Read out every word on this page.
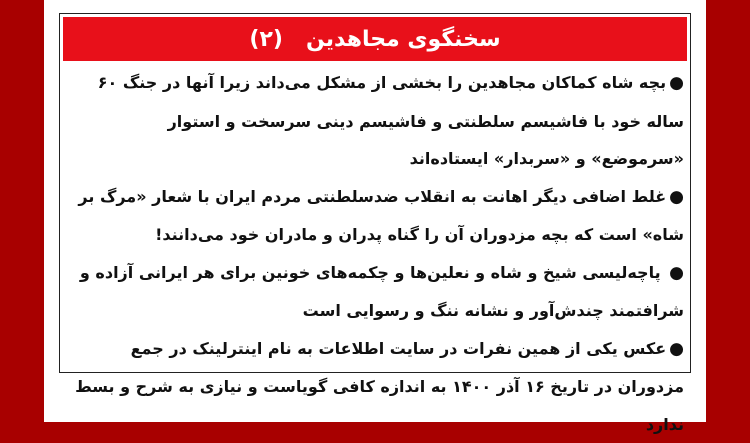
سخنگوی مجاهدین   (۲)

●بچه شاه کماکان مجاهدین را بخشی از مشکل می‌داند زیرا آنها در جنگ ۶۰ ساله خود با فاشیسم سلطنتی و فاشیسم دینی سرسخت و استوار «سرموضع» و «سربدار» ایستاده‌اند

●غلط اضافی دیگر اهانت به انقلاب ضدسلطنتی مردم ایران با شعار «مرگ بر شاه» است که بچه مزدوران آن را گناه پدران و مادران خود می‌دانند!

● پاچه‌لیسی شیخ و شاه و نعلین‌ها و چکمه‌های خونین برای هر ایرانی آزاده و شرافتمند چندش‌آور و نشانه ننگ و رسوایی است

●عکس یکی از همین نفرات در سایت اطلاعات به نام اینترلینک در جمع مزدوران در تاریخ ۱۶ آذر ۱۴۰۰ به اندازه کافی گویاست و نیازی به شرح و بسط ندارد
